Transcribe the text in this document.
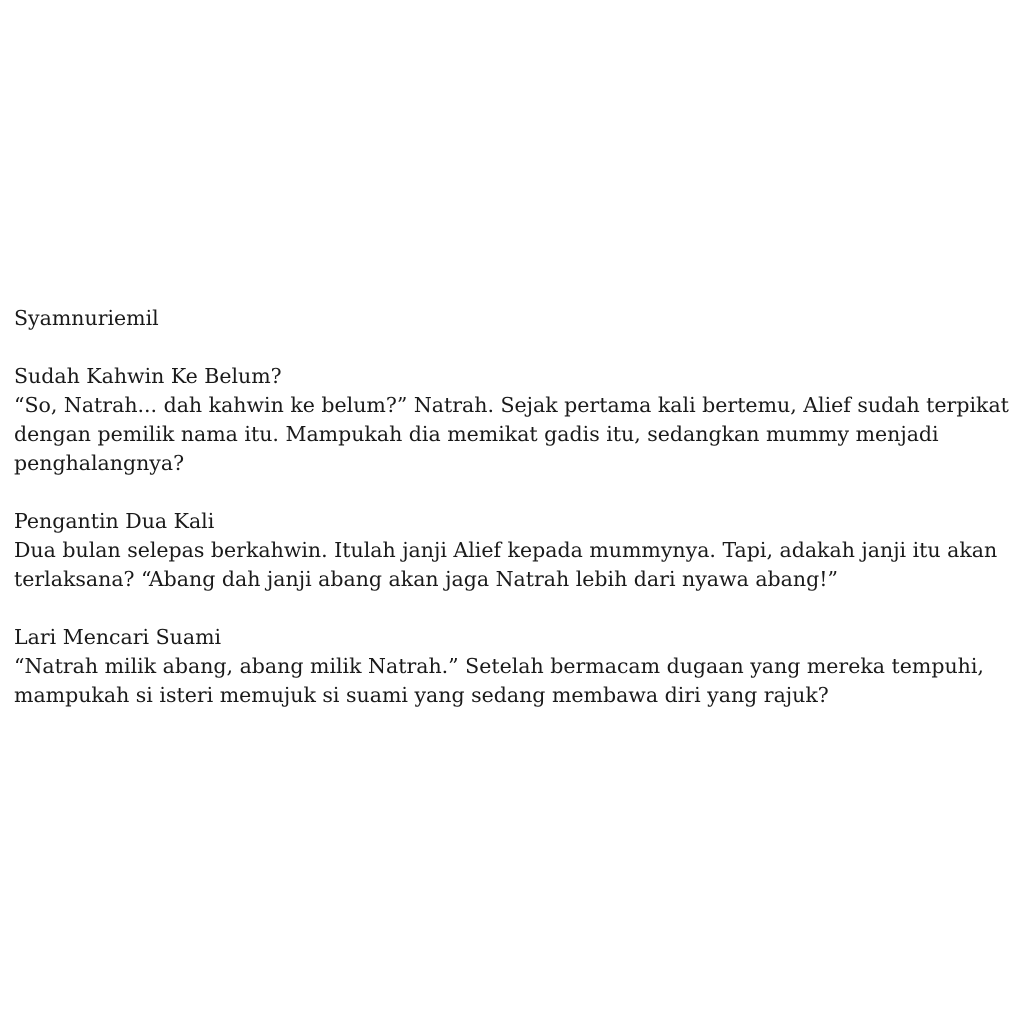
Syamnuriemil

Sudah Kahwin Ke Belum?
“So, Natrah... dah kahwin ke belum?” Natrah. Sejak pertama kali bertemu, Alief sudah terpikat dengan pemilik nama itu. Mampukah dia memikat gadis itu, sedangkan mummy menjadi penghalangnya?
Pengantin Dua Kali
Dua bulan selepas berkahwin. Itulah janji Alief kepada mummynya. Tapi, adakah janji itu akan terlaksana? “Abang dah janji abang akan jaga Natrah lebih dari nyawa abang!”
Lari Mencari Suami
“Natrah milik abang, abang milik Natrah.” Setelah bermacam dugaan yang mereka tempuhi, mampukah si isteri memujuk si suami yang sedang membawa diri yang rajuk?
